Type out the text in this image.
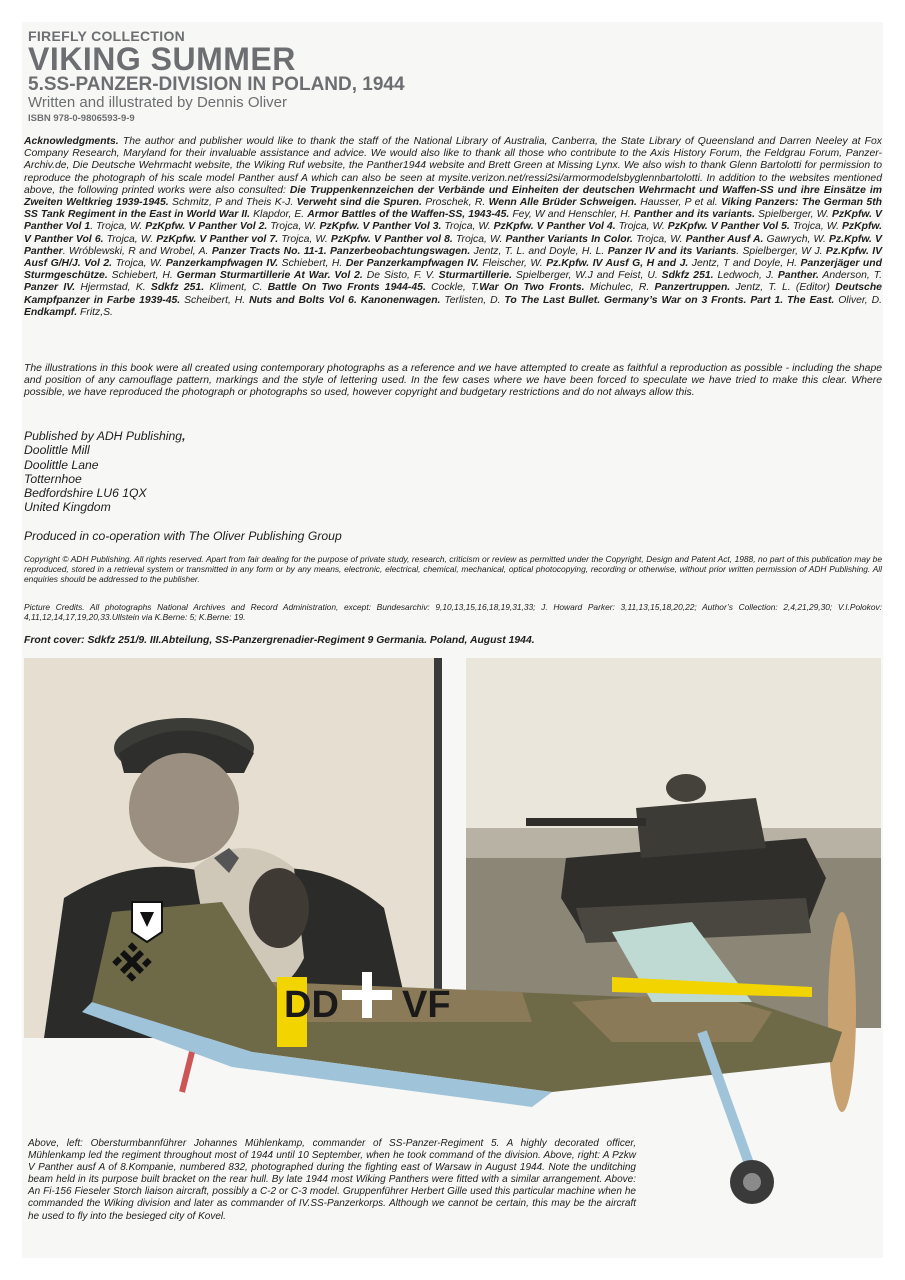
FIREFLY COLLECTION
VIKING SUMMER
5.SS-PANZER-DIVISION IN POLAND, 1944
Written and illustrated by Dennis Oliver
ISBN 978-0-9806593-9-9
Acknowledgments. The author and publisher would like to thank the staff of the National Library of Australia, Canberra, the State Library of Queensland and Darren Neeley at Fox Company Research, Maryland for their invaluable assistance and advice. We would also like to thank all those who contribute to the Axis History Forum, the Feldgrau Forum, Panzer-Archiv.de, Die Deutsche Wehrmacht website, the Wiking Ruf website, the Panther1944 website and Brett Green at Missing Lynx. We also wish to thank Glenn Bartolotti for permission to reproduce the photograph of his scale model Panther ausf A which can also be seen at mysite.verizon.net/ressi2si/armormodelsbyglennbartolotti. In addition to the websites mentioned above, the following printed works were also consulted: Die Truppenkennzeichen der Verbände und Einheiten der deutschen Wehrmacht und Waffen-SS und ihre Einsätze im Zweiten Weltkrieg 1939-1945. Schmitz, P and Theis K-J. Verweht sind die Spuren. Proschek, R. Wenn Alle Brüder Schweigen. Hausser, P et al. Viking Panzers: The German 5th SS Tank Regiment in the East in World War II. Klapdor, E. Armor Battles of the Waffen-SS, 1943-45. Fey, W and Henschler, H. Panther and its variants. Spielberger, W. PzKpfw. V Panther Vol 1. Trojca, W. PzKpfw. V Panther Vol 2. Trojca, W. PzKpfw. V Panther Vol 3. Trojca, W. PzKpfw. V Panther Vol 4. Trojca, W. PzKpfw. V Panther Vol 5. Trojca, W. PzKpfw. V Panther Vol 6. Trojca, W. PzKpfw. V Panther vol 7. Trojca, W. PzKpfw. V Panther vol 8. Trojca, W. Panther Variants In Color. Trojca, W. Panther Ausf A. Gawrych, W. Pz.Kpfw. V Panther. Wróblewski, R and Wrobel, A. Panzer Tracts No. 11-1. Panzerbeobachtungswagen. Jentz, T. L. and Doyle, H. L. Panzer IV and its Variants. Spielberger, W J. Pz.Kpfw. IV Ausf G/H/J. Vol 2. Trojca, W. Panzerkampfwagen IV. Schiebert, H. Der Panzerkampfwagen IV. Fleischer, W. Pz.Kpfw. IV Ausf G, H and J. Jentz, T and Doyle, H. Panzerjäger und Sturmgeschütze. Schiebert, H. German Sturmartillerie At War. Vol 2. De Sisto, F. V. Sturmartillerie. Spielberger, W.J and Feist, U. Sdkfz 251. Ledwoch, J. Panther. Anderson, T. Panzer IV. Hjermstad, K. Sdkfz 251. Kliment, C. Battle On Two Fronts 1944-45. Cockle, T.War On Two Fronts. Michulec, R. Panzertruppen. Jentz, T. L. (Editor) Deutsche Kampfpanzer in Farbe 1939-45. Scheibert, H. Nuts and Bolts Vol 6. Kanonenwagen. Terlisten, D. To The Last Bullet. Germany’s War on 3 Fronts. Part 1. The East. Oliver, D. Endkampf. Fritz,S.
The illustrations in this book were all created using contemporary photographs as a reference and we have attempted to create as faithful a reproduction as possible - including the shape and position of any camouflage pattern, markings and the style of lettering used. In the few cases where we have been forced to speculate we have tried to make this clear. Where possible, we have reproduced the photograph or photographs so used, however copyright and budgetary restrictions and do not always allow this.
Published by ADH Publishing,
Doolittle Mill
Doolittle Lane
Totternhoe
Bedfordshire LU6 1QX
United Kingdom
Produced in co-operation with The Oliver Publishing Group
Copyright © ADH Publishing. All rights reserved. Apart from fair dealing for the purpose of private study, research, criticism or review as permitted under the Copyright, Design and Patent Act, 1988, no part of this publication may be reproduced, stored in a retrieval system or transmitted in any form or by any means, electronic, electrical, chemical, mechanical, optical photocopying, recording or otherwise, without prior written permission of ADH Publishing. All enquiries should be addressed to the publisher.
Picture Credits. All photographs National Archives and Record Administration, except: Bundesarchiv: 9,10,13,15,16,18,19,31,33; J. Howard Parker: 3,11,13,15,18,20,22; Author’s Collection: 2,4,21,29,30; V.I.Polokov: 4,11,12,14,17,19,20,33.Ullstein via K.Berne: 5; K.Berne: 19.
Front cover: Sdkfz 251/9. III.Abteilung, SS-Panzergrenadier-Regiment 9 Germania. Poland, August 1944.
DD VF
Above, left: Obersturmbannführer Johannes Mühlenkamp, commander of SS-Panzer-Regiment 5. A highly decorated officer, Mühlenkamp led the regiment throughout most of 1944 until 10 September, when he took command of the division. Above, right: A Pzkw V Panther ausf A of 8.Kompanie, numbered 832, photographed during the fighting east of Warsaw in August 1944. Note the unditching beam held in its purpose built bracket on the rear hull. By late 1944 most Wiking Panthers were fitted with a similar arrangement. Above: An Fi-156 Fieseler Storch liaison aircraft, possibly a C-2 or C-3 model. Gruppenführer Herbert Gille used this particular machine when he commanded the Wiking division and later as commander of IV.SS-Panzerkorps. Although we cannot be certain, this may be the aircraft he used to fly into the besieged city of Kovel.
